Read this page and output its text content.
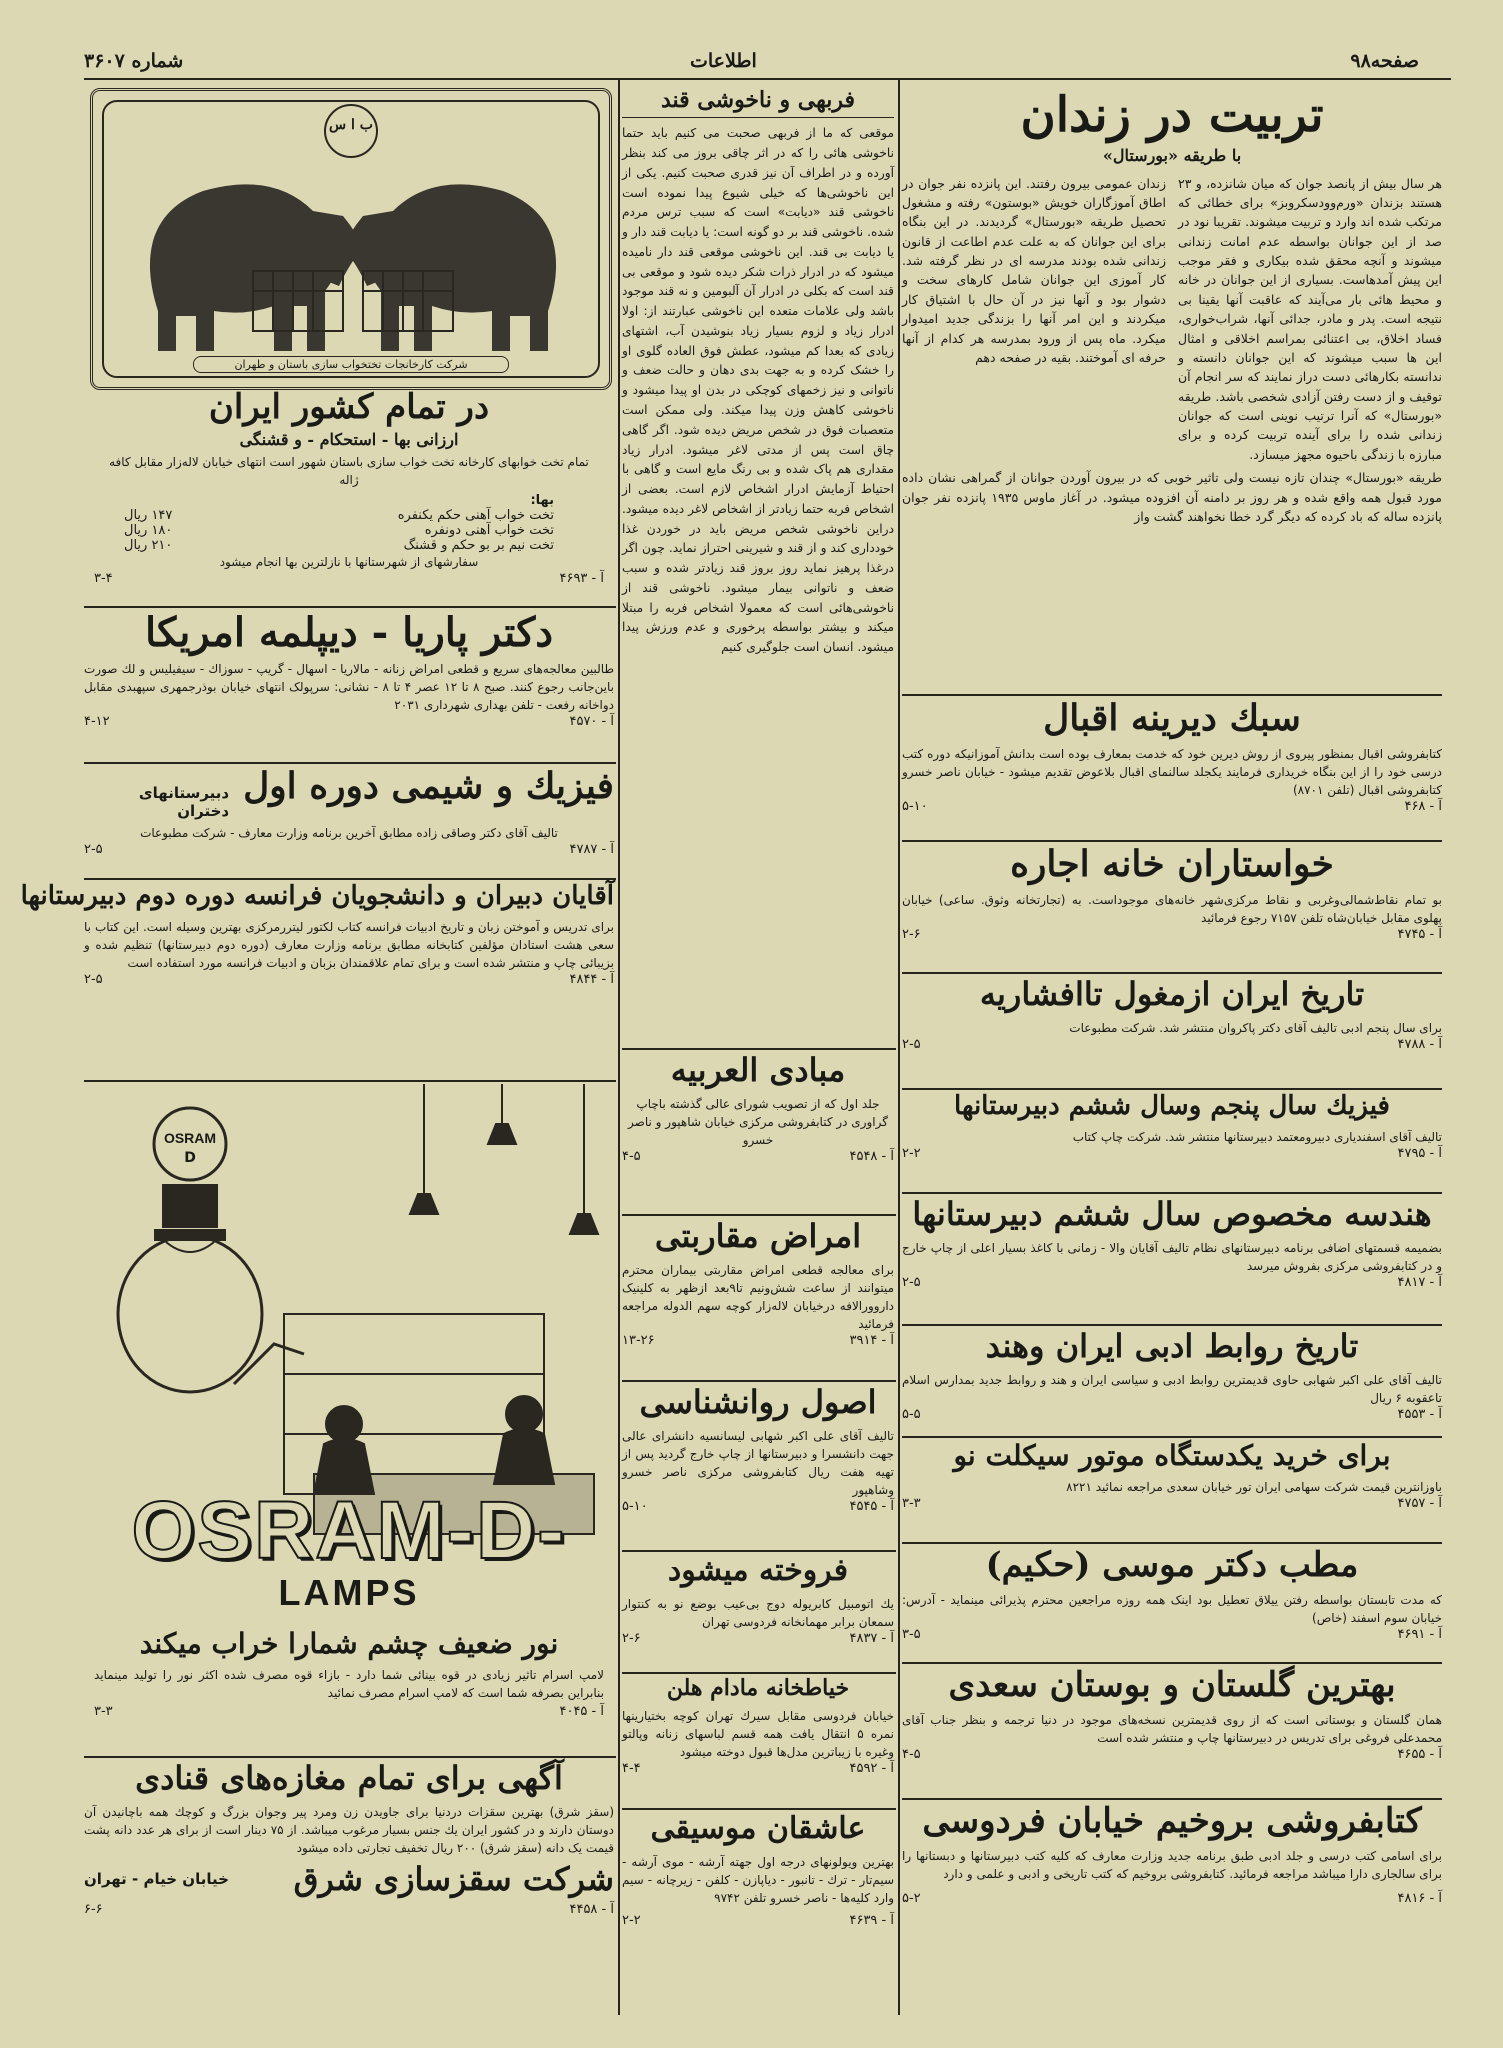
صفحه۹۸
اطلاعات
شماره ۳۶۰۷
تربیت در زندان
با طریقه «بورستال»
هر سال بیش از پانصد جوان که میان شانزده، و ۲۳ هستند بزندان «ورم‌وودسکروبز» برای خطائی که مرتکب شده اند وارد و تربیت میشوند. تقریبا نود در صد از این جوانان بواسطه عدم امانت زندانی میشوند و آنچه محقق شده بیکاری و فقر موجب این پیش آمدهاست. بسیاری از این جوانان در خانه و محیط هائی بار می‌آیند که عاقبت آنها یقینا بی نتیجه است. پدر و مادر، جدائی آنها، شراب‌خواری، فساد اخلاق، بی اعتنائی بمراسم اخلاقی و امثال این ها سبب میشوند که این جوانان دانسته و ندانسته بکارهائی دست دراز نمایند که سر انجام آن توقیف و از دست رفتن آزادی شخصی باشد. طریقه «بورستال» که آنرا ترتیب نوینی است که جوانان زندانی شده را برای آینده تربیت کرده و برای مبارزه با زندگی باحیوه مجهز میسازد.
زندان عمومی بیرون رفتند. این پانزده نفر جوان در اطاق آموزگاران خویش «بوستون» رفته و مشغول تحصیل طریقه «بورستال» گردیدند. در این بنگاه برای این جوانان که به علت عدم اطاعت از قانون زندانی شده بودند مدرسه ای در نظر گرفته شد. کار آموزی این جوانان شامل کارهای سخت و دشوار بود و آنها نیز در آن حال با اشتیاق کار میکردند و این امر آنها را بزندگی جدید امیدوار میکرد. ماه پس از ورود بمدرسه هر کدام از آنها حرفه ای آموختند. بقیه در صفحه دهم
طریقه «بورستال» چندان تازه نیست ولی تاثیر خوبی که در بیرون آوردن جوانان از گمراهی نشان داده مورد قبول همه واقع شده و هر روز بر دامنه آن افزوده میشود. در آغاز ماوس ۱۹۳۵ پانزده نفر جوان پانزده ساله که باد کرده که دیگر گرد خطا نخواهند گشت واز
سبك دیرینه اقبال
کتابفروشی اقبال بمنظور پیروی از روش دیرین خود که خدمت بمعارف بوده است بدانش آموزانیکه دوره کتب درسی خود را از این بنگاه خریداری فرمایند یکجلد سالنمای اقبال بلاعوض تقدیم میشود - خیابان ناصر خسرو کتابفروشی اقبال (تلفن ۸۷۰۱)
آ - ۴۶۸
۵-۱۰
خواستاران خانه اجاره
بو تمام نقاط‌شمالی‌وغربی و نقاط مرکزی‌شهر خانه‌های موجوداست. به (تجارتخانه وثوق. ساعی) خیابان پهلوی مقابل خیابان‌شاه تلفن ۷۱۵۷ رجوع فرمائید
آ - ۴۷۴۵
۲-۶
تاریخ ایران ازمغول تاافشاریه
برای سال پنجم ادبی تالیف آقای دکتر پاکروان منتشر شد. شرکت مطبوعات
آ - ۴۷۸۸
۲-۵
فیزیك سال پنجم وسال ششم دبیرستانها
تالیف آقای اسفندیاری دبیرومعتمد دبیرستانها منتشر شد. شرکت چاپ کتاب
آ - ۴۷۹۵
۲-۲
هندسه مخصوص سال ششم دبیرستانها
بضمیمه قسمتهای اضافی برنامه دبیرستانهای نظام تالیف آقایان والا - زمانی با کاغذ بسیار اعلی از چاپ خارج و در کتابفروشی مرکزی بفروش میرسد
آ - ۴۸۱۷
۲-۵
تاریخ روابط ادبی ایران وهند
تالیف آقای علی اکبر شهابی حاوی قدیمترین روابط ادبی و سیاسی ایران و هند و روابط جدید بمدارس اسلام تاعقوبه ۶ ریال
آ - ۴۵۵۳
۵-۵
برای خرید یکدستگاه موتور سیکلت نو
باوزانترین قیمت شرکت سهامی ایران تور خیابان سعدی مراجعه نمائید ۸۲۲۱
آ - ۴۷۵۷
۳-۳
مطب دکتر موسی (حکیم)
که مدت تابستان بواسطه رفتن ییلاق تعطیل بود اینک همه روزه مراجعین محترم پذیرائی مینماید - آدرس: خیابان سوم اسفند (خاص)
آ - ۴۶۹۱
۳-۵
بهترین گلستان و بوستان سعدی
همان گلستان و بوستانی است که از روی قدیمترین نسخه‌های موجود در دنیا ترجمه و بنظر جناب آقای محمدعلی فروغی برای تدریس در دبیرستانها چاپ و منتشر شده است
آ - ۴۶۵۵
۴-۵
کتابفروشی بروخیم خیابان فردوسی
برای اسامی کتب درسی و جلد ادبی طبق برنامه جدید وزارت معارف که کلیه کتب دبیرستانها و دبستانها را برای سالجاری دارا میباشد مراجعه فرمائید. کتابفروشی بروخیم که کتب تاریخی و ادبی و علمی و دارد
آ - ۴۸۱۶
۵-۲
فربهی و ناخوشی قند
موقعی که ما از فربهی صحبت می کنیم باید حتما ناخوشی هائی را که در اثر چاقی بروز می کند بنظر آورده و در اطراف آن نیز قدری صحبت کنیم. یکی از این ناخوشی‌ها که خیلی شیوع پیدا نموده است ناخوشی قند «دیابت» است که سبب ترس مردم شده. ناخوشی قند بر دو گونه است: یا دیابت قند دار و یا دیابت بی قند. این ناخوشی موقعی قند دار نامیده میشود که در ادرار ذرات شکر دیده شود و موقعی بی قند است که بکلی در ادرار آن آلبومین و نه قند موجود باشد ولی علامات متعده این ناخوشی عبارتند از: اولا ادرار زیاد و لزوم بسیار زیاد بنوشیدن آب، اشتهای زیادی که بعدا کم میشود، عطش فوق العاده گلوی او را خشک کرده و به جهت بدی دهان و حالت ضعف و ناتوانی و نیز زخمهای کوچکی در بدن او پیدا میشود و ناخوشی کاهش وزن پیدا میکند. ولی ممکن است متعصبات فوق در شخص مریض دیده شود. اگر گاهی چاق است پس از مدتی لاغر میشود. ادرار زیاد مقداری هم پاک شده و بی رنگ مایع است و گاهی با احتیاط آزمایش ادرار اشخاص لازم است. بعضی از اشخاص فربه حتما زیادتر از اشخاص لاغر دیده میشود. دراین ناخوشی شخص مریض باید در خوردن غذا خودداری کند و از قند و شیرینی احتراز نماید. چون اگر درغذا پرهیز نماید روز بروز قند زیادتر شده و سبب ضعف و ناتوانی بیمار میشود. ناخوشی قند از ناخوشی‌هائی است که معمولا اشخاص فربه را مبتلا میکند و بیشتر بواسطه پرخوری و عدم ورزش پیدا میشود. انسان است جلوگیری کنیم
مبادی العربیه
جلد اول که از تصویب شورای عالی گذشته باچاپ گراوری در کتابفروشی مرکزی خیابان شاهپور و ناصر خسرو
آ - ۴۵۴۸
۴-۵
امراض مقاربتی
برای معالجه قطعی امراض مقاربتی بیماران محترم میتوانند از ساعت شش‌ونیم تا۹بعد ازظهر به کلینیک داروورالافه درخیابان لاله‌زار کوچه سهم الدوله مراجعه فرمائید
آ - ۳۹۱۴
۱۳-۲۶
اصول روانشناسی
تالیف آقای علی اکبر شهابی لیسانسیه دانشرای عالی جهت دانشسرا و دبیرستانها از چاپ خارج گردید پس از تهیه هفت ریال کتابفروشی مرکزی ناصر خسرو وشاهپور
آ - ۴۵۴۵
۵-۱۰
فروخته میشود
یك اتومبیل کابریوله دوج بی‌عیب بوضع نو به کنتوار سمعان برابر مهمانخانه فردوسی تهران
آ - ۴۸۳۷
۲-۶
خیاطخانه مادام هلن
خیابان فردوسی مقابل سیرك تهران کوچه بختیارینها نمره ۵ انتقال یافت همه قسم لباسهای زنانه وپالتو وغیره با زیباترین مدل‌ها قبول دوخته میشود
آ - ۴۵۹۲
۴-۴
عاشقان موسیقی
بهترین ویولونهای درجه اول جهته آرشه - موی آرشه - سیم‌تار - ترك - تانبور - دیاپازن - کلفن - زیرچانه - سیم وارد کلیه‌ها - ناصر خسرو تلفن ۹۷۴۲
آ - ۴۶۳۹
۲-۲
ب ا س
شرکت کارخانجات تختخواب سازی باستان و طهران
در تمام کشور ایران
ارزانی بها - استحکام - و قشنگی
تمام تخت خوابهای کارخانه تخت خواب سازی باستان شهور است انتهای خیابان لاله‌زار مقابل کافه ژاله
بها:
تخت خواب آهنی حکم یکنفره
۱۴۷ ریال
تخت خواب آهنی دونفره
۱۸۰ ریال
تخت نیم بر بو حکم و قشنگ
۲۱۰ ریال
سفارشهای از شهرستانها با نازلترین بها انجام میشود
آ - ۴۶۹۳
۳-۴
دکتر پاریا - دیپلمه امریکا
طالبین معالجه‌های سریع و قطعی امراض زنانه - مالاریا - اسهال - گریپ - سوزاك - سیفیلیس و لك صورت باین‌جانب رجوع کنند. صبح ۸ تا ۱۲ عصر ۴ تا ۸ - نشانی: سرپولک انتهای خیابان بوذرجمهری سپهبدی مقابل دواخانه رفعت - تلفن بهداری شهرداری ۲۰۳۱
آ - ۴۵۷۰
۴-۱۲
فیزیك و شیمی دوره اول
دبیرستانهای دختران
تالیف آقای دکتر وصاقی زاده مطابق آخرین برنامه وزارت معارف - شرکت مطبوعات
آ - ۴۷۸۷
۲-۵
آقایان دبیران و دانشجویان فرانسه دوره دوم دبیرستانها
برای تدریس و آموختن زبان و تاریخ ادبیات فرانسه کتاب لکتور لیتررمرکزی بهترین وسیله است. این کتاب با سعی هشت استادان مؤلفین کتابخانه مطابق برنامه وزارت معارف (دوره دوم دبیرستانها) تنظیم شده و بزیبائی چاپ و منتشر شده است و برای تمام علاقمندان بزبان و ادبیات فرانسه مورد استفاده است
آ - ۴۸۴۴
۲-۵
OSRAM
D
OSRAM-D-
LAMPS
نور ضعیف چشم شمارا خراب میکند
لامپ اسرام تاثیر زیادی در قوه بینائی شما دارد - بازاء قوه مصرف شده اکثر نور را تولید مینماید بنابراین بصرفه شما است که لامپ اسرام مصرف نمائید
آ - ۴۰۴۵
۳-۳
آگهی برای تمام مغازه‌های قنادی
(سقز شرق) بهترین سقزات دردنیا برای جاویدن زن ومرد پیر وجوان بزرگ و کوچك همه باچانیدن آن دوستان دارند و در کشور ایران یك جنس بسیار مرغوب میباشد. از ۷۵ دینار است از برای هر عدد دانه پشت قیمت یک دانه (سقز شرق) ۲۰۰ ریال تخفیف تجارتی داده میشود
شرکت سقزسازی شرق
خیابان خیام - تهران
آ - ۴۴۵۸
۶-۶
